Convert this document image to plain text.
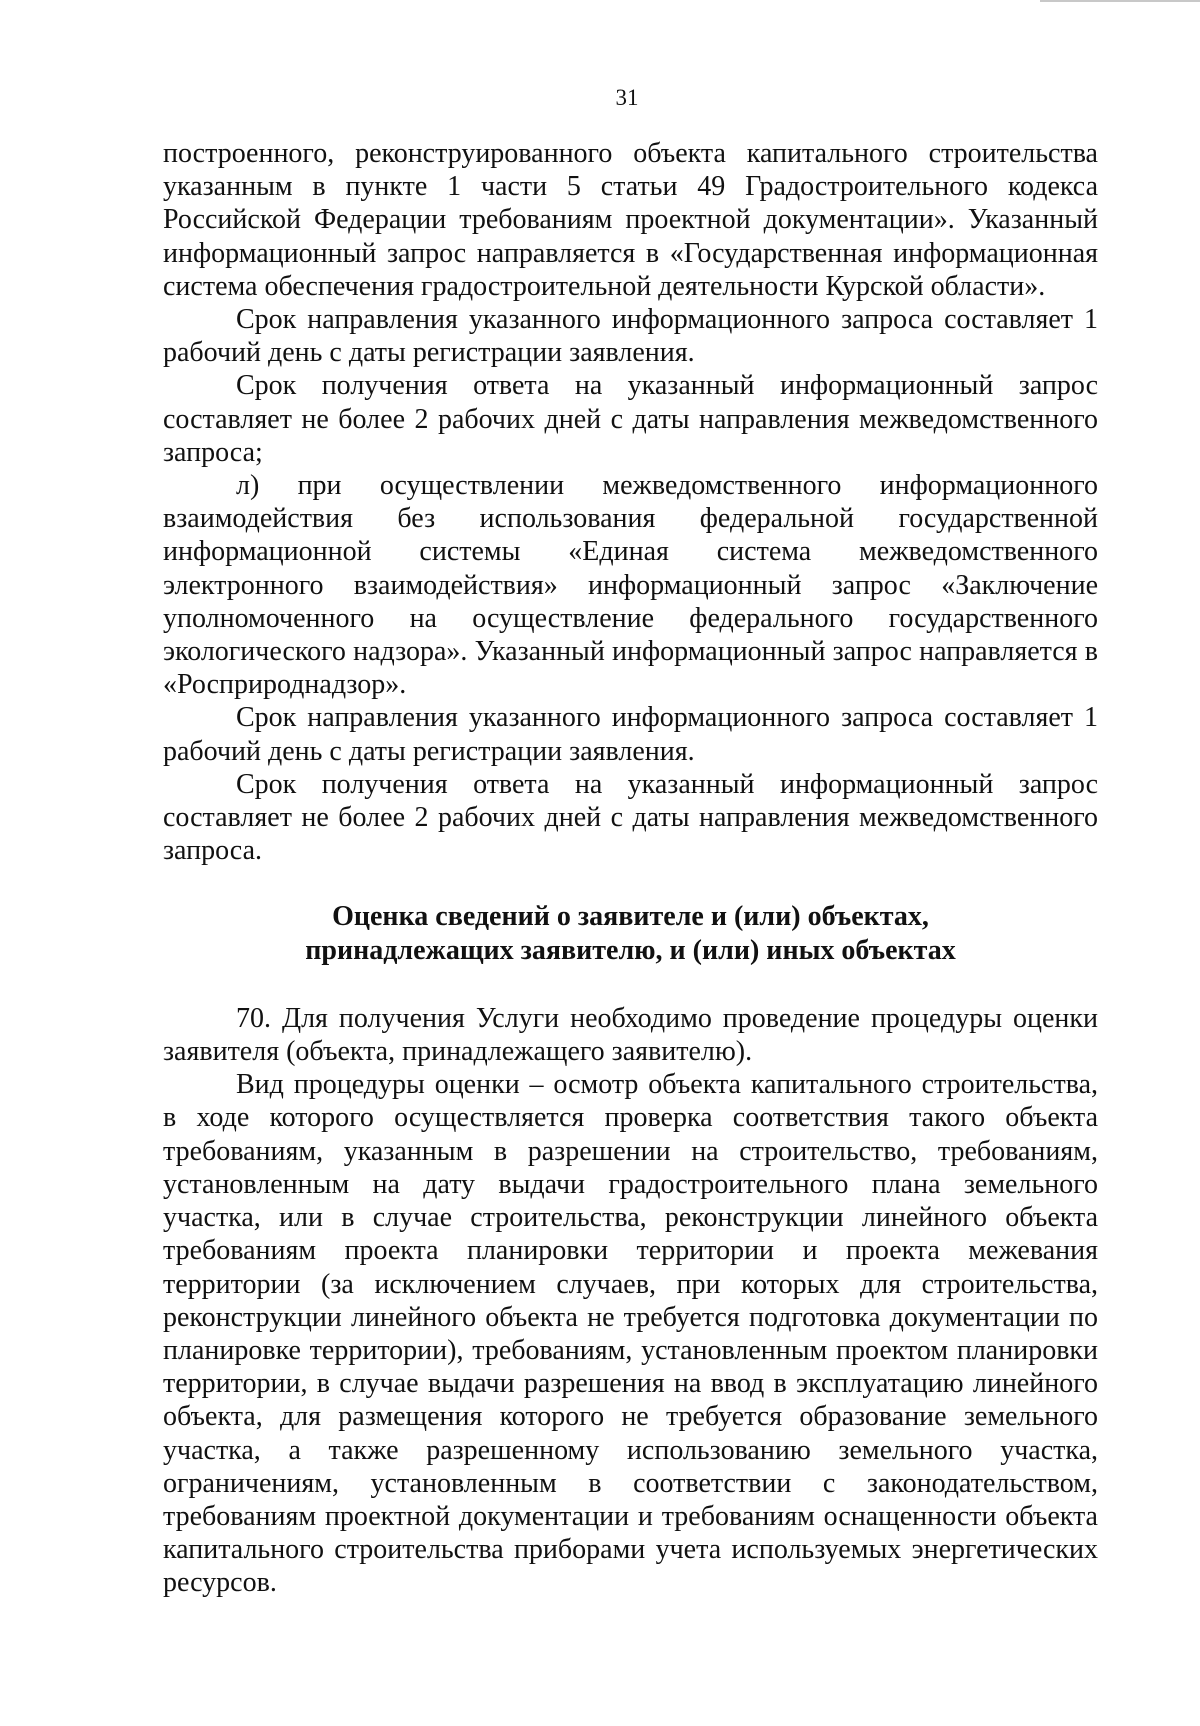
31

построенного, реконструированного объекта капитального строительства указанным в пункте 1 части 5 статьи 49 Градостроительного кодекса Российской Федерации требованиям проектной документации». Указанный информационный запрос направляется в «Государственная информационная система обеспечения градостроительной деятельности Курской области».

Срок направления указанного информационного запроса составляет 1 рабочий день с даты регистрации заявления.

Срок получения ответа на указанный информационный запрос составляет не более 2 рабочих дней с даты направления межведомственного запроса;

л) при осуществлении межведомственного информационного взаимодействия без использования федеральной государственной информационной системы «Единая система межведомственного электронного взаимодействия» информационный запрос «Заключение уполномоченного на осуществление федерального государственного экологического надзора». Указанный информационный запрос направляется в «Росприроднадзор».

Срок направления указанного информационного запроса составляет 1 рабочий день с даты регистрации заявления.

Срок получения ответа на указанный информационный запрос составляет не более 2 рабочих дней с даты направления межведомственного запроса.

Оценка сведений о заявителе и (или) объектах,
принадлежащих заявителю, и (или) иных объектах

70. Для получения Услуги необходимо проведение процедуры оценки заявителя (объекта, принадлежащего заявителю).

Вид процедуры оценки – осмотр объекта капитального строительства, в ходе которого осуществляется проверка соответствия такого объекта требованиям, указанным в разрешении на строительство, требованиям, установленным на дату выдачи градостроительного плана земельного участка, или в случае строительства, реконструкции линейного объекта требованиям проекта планировки территории и проекта межевания территории (за исключением случаев, при которых для строительства, реконструкции линейного объекта не требуется подготовка документации по планировке территории), требованиям, установленным проектом планировки территории, в случае выдачи разрешения на ввод в эксплуатацию линейного объекта, для размещения которого не требуется образование земельного участка, а также разрешенному использованию земельного участка, ограничениям, установленным в соответствии с законодательством, требованиям проектной документации и требованиям оснащенности объекта капитального строительства приборами учета используемых энергетических ресурсов.
